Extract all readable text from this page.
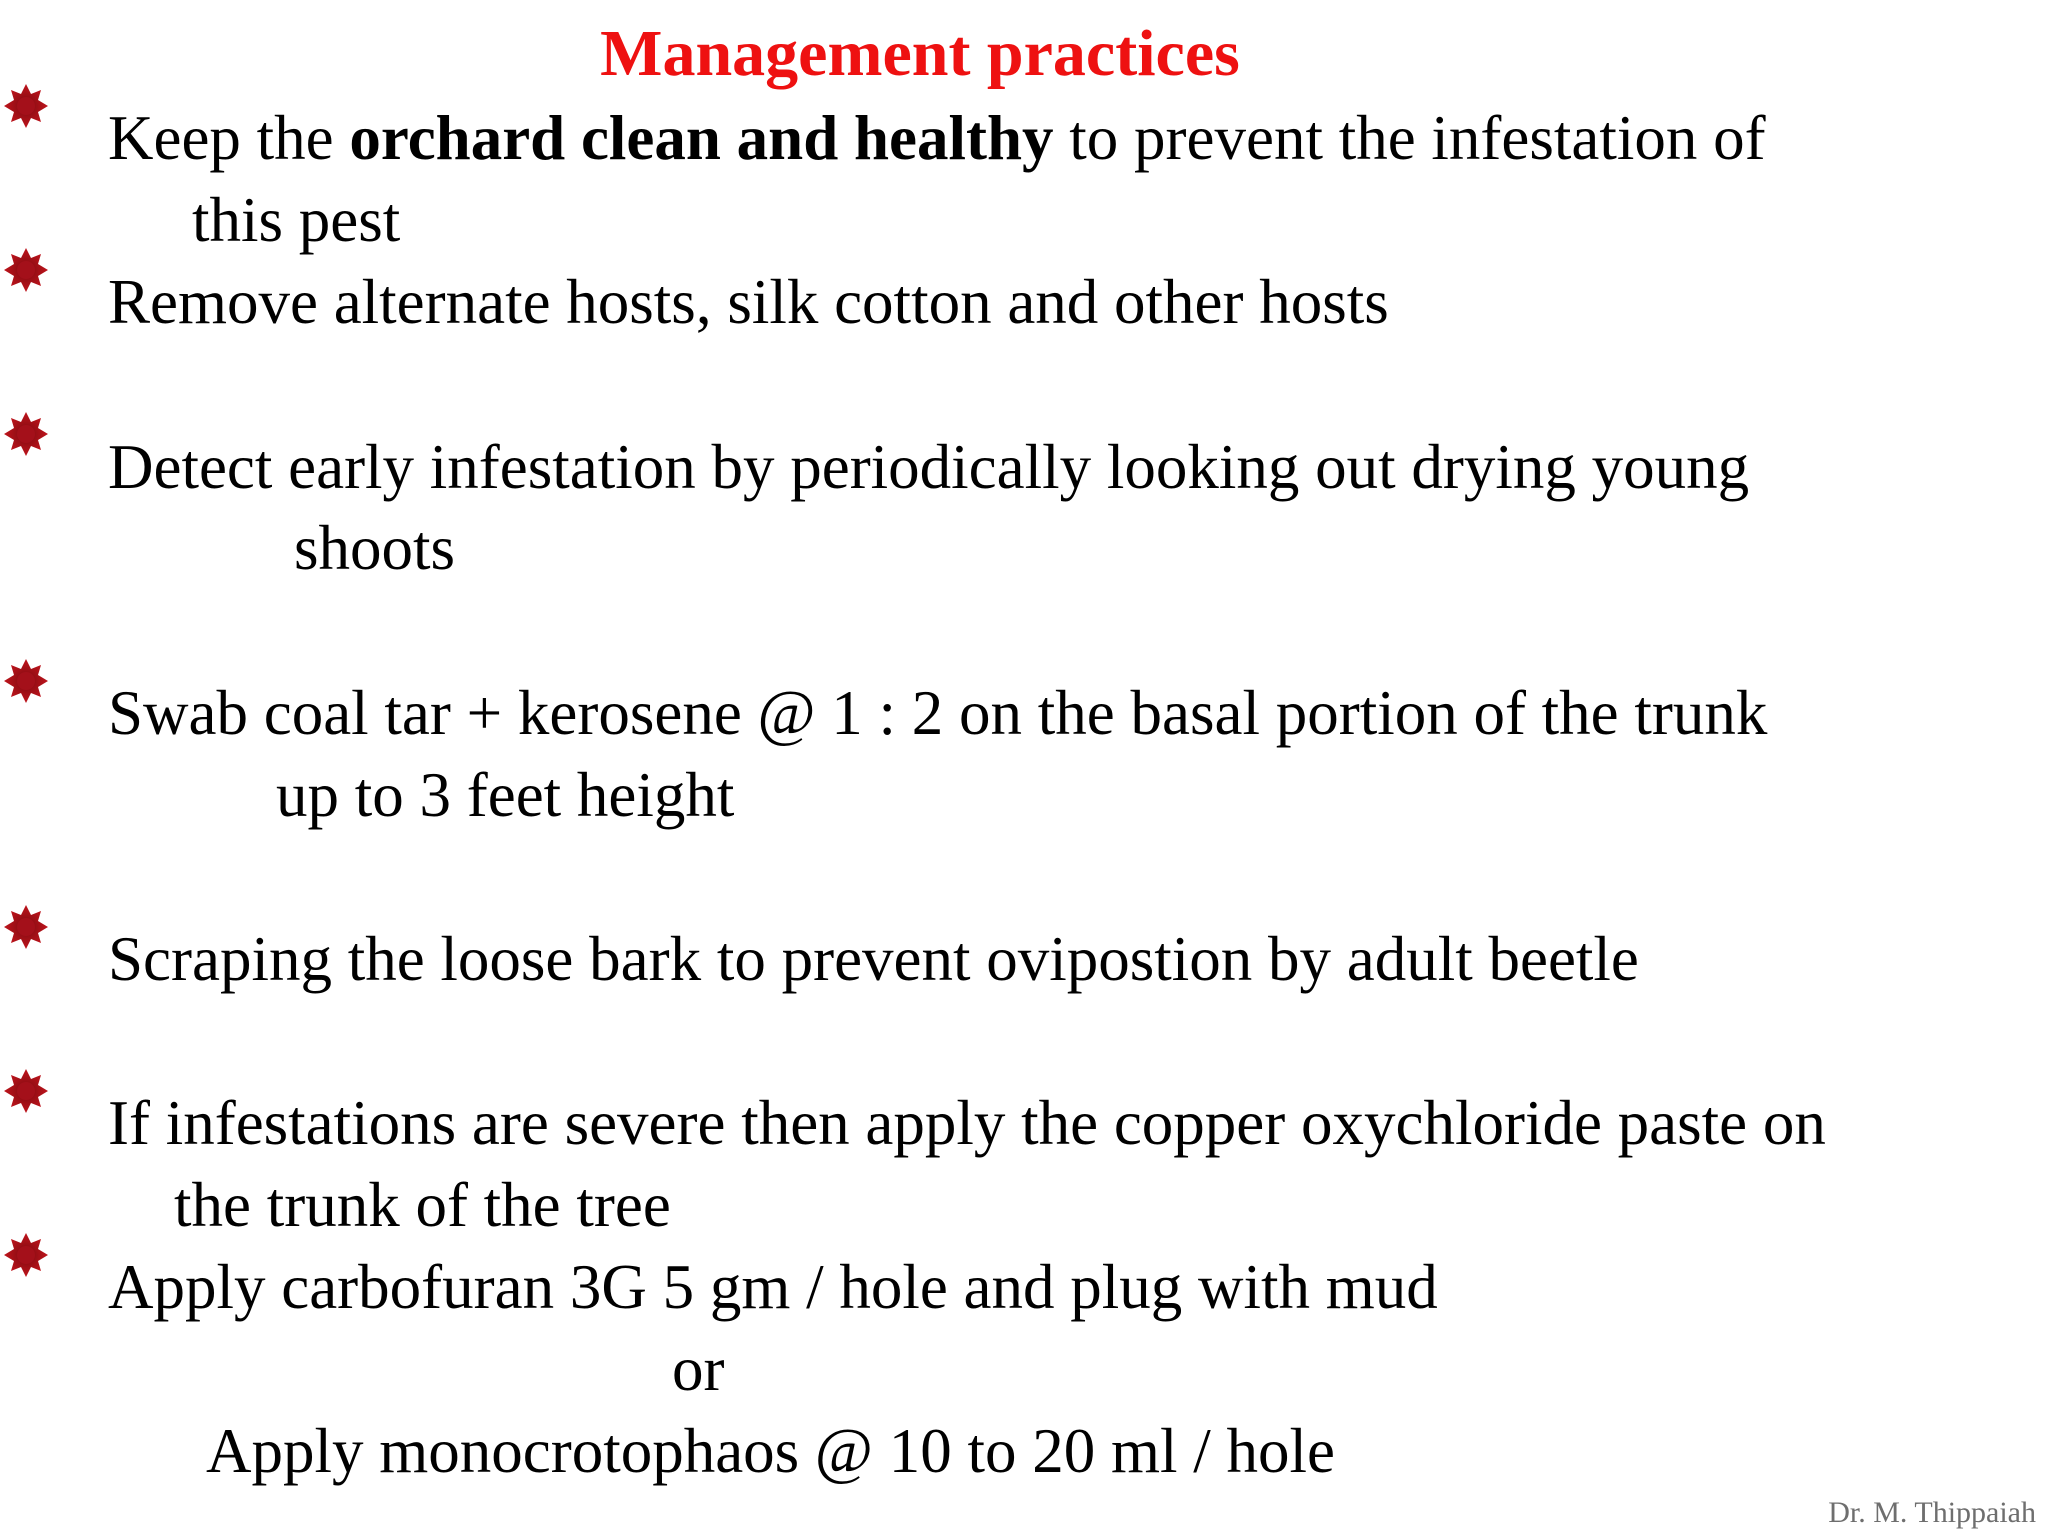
Management practices
Keep the orchard clean and healthy to prevent the infestation of
this pest
Remove alternate hosts, silk cotton and other hosts
Detect early infestation by periodically looking out drying young
shoots
Swab coal tar + kerosene @ 1 : 2 on the basal portion of the trunk
up to 3 feet height
Scraping the loose bark to prevent ovipostion by adult beetle
If infestations are severe then apply the copper oxychloride paste on
the trunk of the tree
Apply carbofuran 3G 5 gm / hole and plug with mud
or
Apply monocrotophaos @ 10 to 20 ml / hole
Dr. M. Thippaiah
